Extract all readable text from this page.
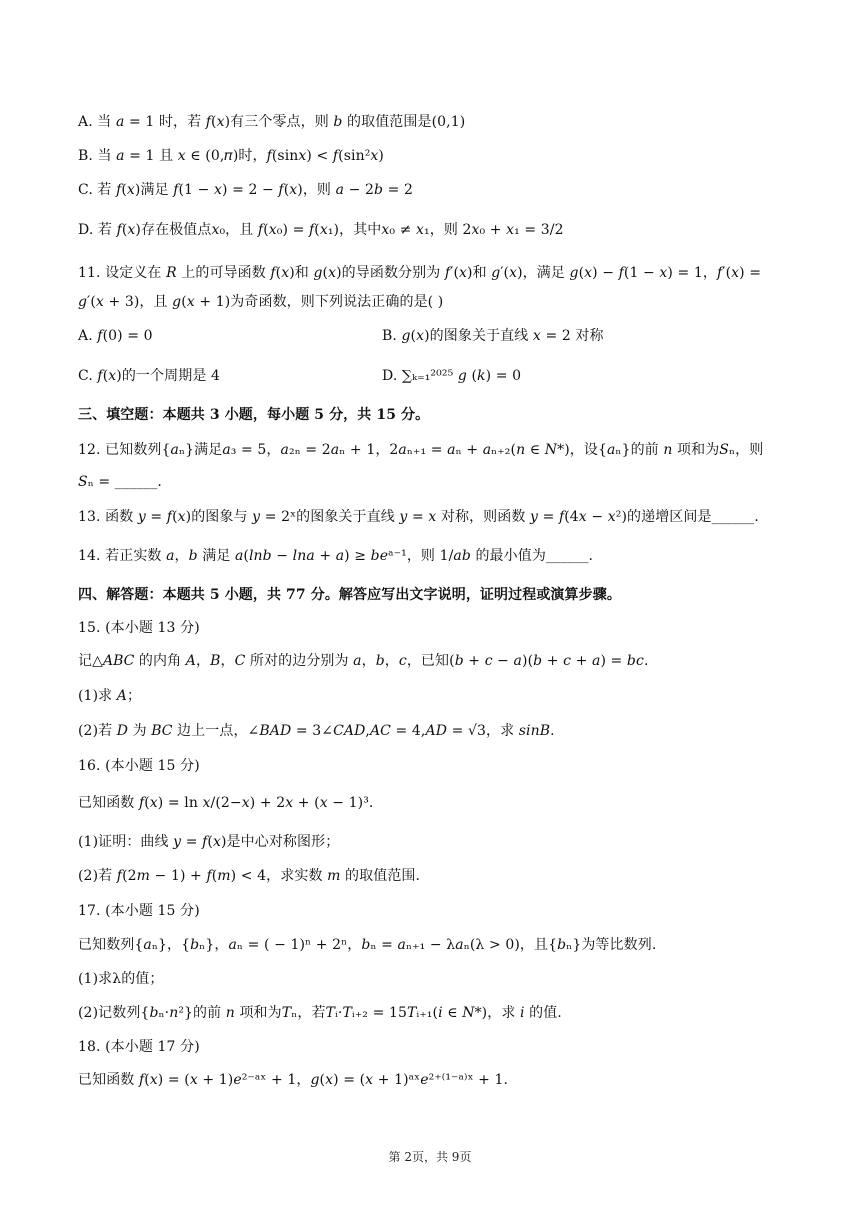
A. 当 𝑎 = 1 时，若 𝑓(𝑥)有三个零点，则 𝑏 的取值范围是(0,1)
B. 当 𝑎 = 1 且 𝑥 ∈ (0,𝜋)时，𝑓(sin𝑥) < 𝑓(sin²𝑥)
C. 若 𝑓(𝑥)满足 𝑓(1 − 𝑥) = 2 − 𝑓(𝑥)，则 𝑎 − 2𝑏 = 2
D. 若 𝑓(𝑥)存在极值点𝑥₀，且 𝑓(𝑥₀) = 𝑓(𝑥₁)，其中𝑥₀ ≠ 𝑥₁，则 2𝑥₀ + 𝑥₁ = 3/2
11. 设定义在 𝑅 上的可导函数 𝑓(𝑥)和 𝑔(𝑥)的导函数分别为 𝑓′(𝑥)和 𝑔′(𝑥)，满足 𝑔(𝑥) − 𝑓(1 − 𝑥) = 1，𝑓′(𝑥) =
𝑔′(𝑥 + 3)，且 𝑔(𝑥 + 1)为奇函数，则下列说法正确的是( )
A. 𝑓(0) = 0	B. 𝑔(𝑥)的图象关于直线 𝑥 = 2 对称
C. 𝑓(𝑥)的一个周期是 4	D. ∑ₖ₌₁²⁰²⁵ 𝑔 (𝑘) = 0
三、填空题：本题共 3 小题，每小题 5 分，共 15 分。
12. 已知数列{𝑎ₙ}满足𝑎₃ = 5，𝑎₂ₙ = 2𝑎ₙ + 1，2𝑎ₙ₊₁ = 𝑎ₙ + 𝑎ₙ₊₂(𝑛 ∈ 𝑁*)，设{𝑎ₙ}的前 𝑛 项和为𝑆ₙ，则
𝑆ₙ = ______.
13. 函数 𝑦 = 𝑓(𝑥)的图象与 𝑦 = 2ˣ的图象关于直线 𝑦 = 𝑥 对称，则函数 𝑦 = 𝑓(4𝑥 − 𝑥²)的递增区间是______.
14. 若正实数 𝑎，𝑏 满足 𝑎(𝑙𝑛𝑏 − 𝑙𝑛𝑎 + 𝑎) ≥ 𝑏𝑒ᵃ⁻¹，则 1/𝑎𝑏 的最小值为______.
四、解答题：本题共 5 小题，共 77 分。解答应写出文字说明，证明过程或演算步骤。
15. (本小题 13 分)
记△𝐴𝐵𝐶 的内角 𝐴，𝐵，𝐶 所对的边分别为 𝑎，𝑏，𝑐，已知(𝑏 + 𝑐 − 𝑎)(𝑏 + 𝑐 + 𝑎) = 𝑏𝑐.
(1)求 𝐴；
(2)若 𝐷 为 𝐵𝐶 边上一点，∠𝐵𝐴𝐷 = 3∠𝐶𝐴𝐷,𝐴𝐶 = 4,𝐴𝐷 = √3，求 𝑠𝑖𝑛𝐵.
16. (本小题 15 分)
已知函数 𝑓(𝑥) = ln 𝑥/(2−𝑥) + 2𝑥 + (𝑥 − 1)³.
(1)证明：曲线 𝑦 = 𝑓(𝑥)是中心对称图形；
(2)若 𝑓(2𝑚 − 1) + 𝑓(𝑚) < 4，求实数 𝑚 的取值范围.
17. (本小题 15 分)
已知数列{𝑎ₙ}，{𝑏ₙ}，𝑎ₙ = ( − 1)ⁿ + 2ⁿ，𝑏ₙ = 𝑎ₙ₊₁ − λ𝑎ₙ(λ > 0)，且{𝑏ₙ}为等比数列.
(1)求λ的值；
(2)记数列{𝑏ₙ·𝑛²}的前 𝑛 项和为𝑇ₙ，若𝑇ᵢ·𝑇ᵢ₊₂ = 15𝑇ᵢ₊₁(𝑖 ∈ 𝑁*)，求 𝑖 的值.
18. (本小题 17 分)
已知函数 𝑓(𝑥) = (𝑥 + 1)𝑒²⁻ᵃˣ + 1，𝑔(𝑥) = (𝑥 + 1)ᵃˣ𝑒²⁺⁽¹⁻ᵃ⁾ˣ + 1.
第 2页，共 9页
